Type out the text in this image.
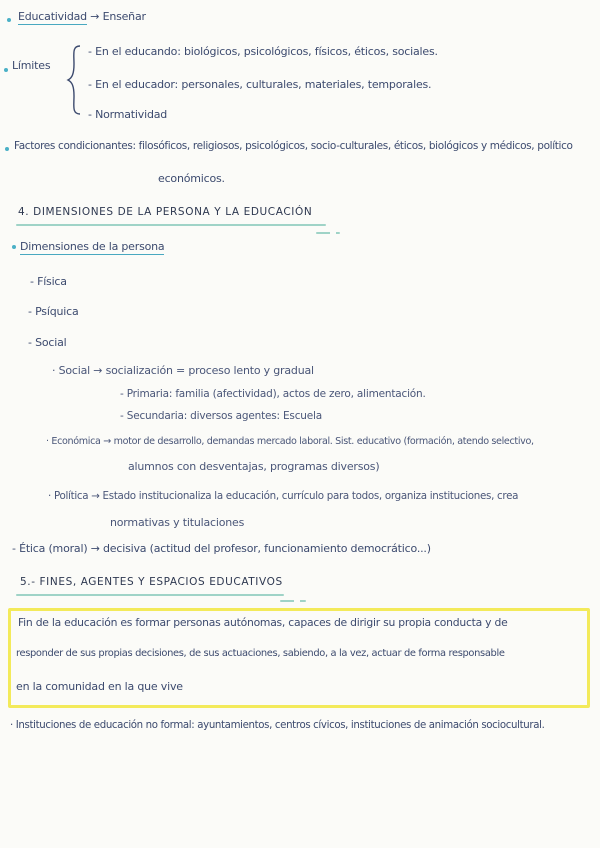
Educatividad → Enseñar
Límites
- En el educando: biológicos, psicológicos, físicos, éticos, sociales.
- En el educador: personales, culturales, materiales, temporales.
- Normatividad
Factores condicionantes: filosóficos, religiosos, psicológicos, socio-culturales, éticos, biológicos y médicos, político
económicos.
4. DIMENSIONES DE LA PERSONA Y LA EDUCACIÓN
Dimensiones de la persona
- Física
- Psíquica
- Social
· Social → socialización = proceso lento y gradual
- Primaria: familia (afectividad), actos de zero, alimentación.
- Secundaria: diversos agentes: Escuela
· Económica → motor de desarrollo, demandas mercado laboral. Sist. educativo (formación, atendo selectivo,
alumnos con desventajas, programas diversos)
· Política → Estado institucionaliza la educación, currículo para todos, organiza instituciones, crea
normativas y titulaciones
- Ética (moral) → decisiva (actitud del profesor, funcionamiento democrático...)
5.- FINES, AGENTES Y ESPACIOS EDUCATIVOS
Fin de la educación es formar personas autónomas, capaces de dirigir su propia conducta y de
responder de sus propias decisiones, de sus actuaciones, sabiendo, a la vez, actuar de forma responsable
en la comunidad en la que vive
· Instituciones de educación no formal: ayuntamientos, centros cívicos, instituciones de animación sociocultural.
